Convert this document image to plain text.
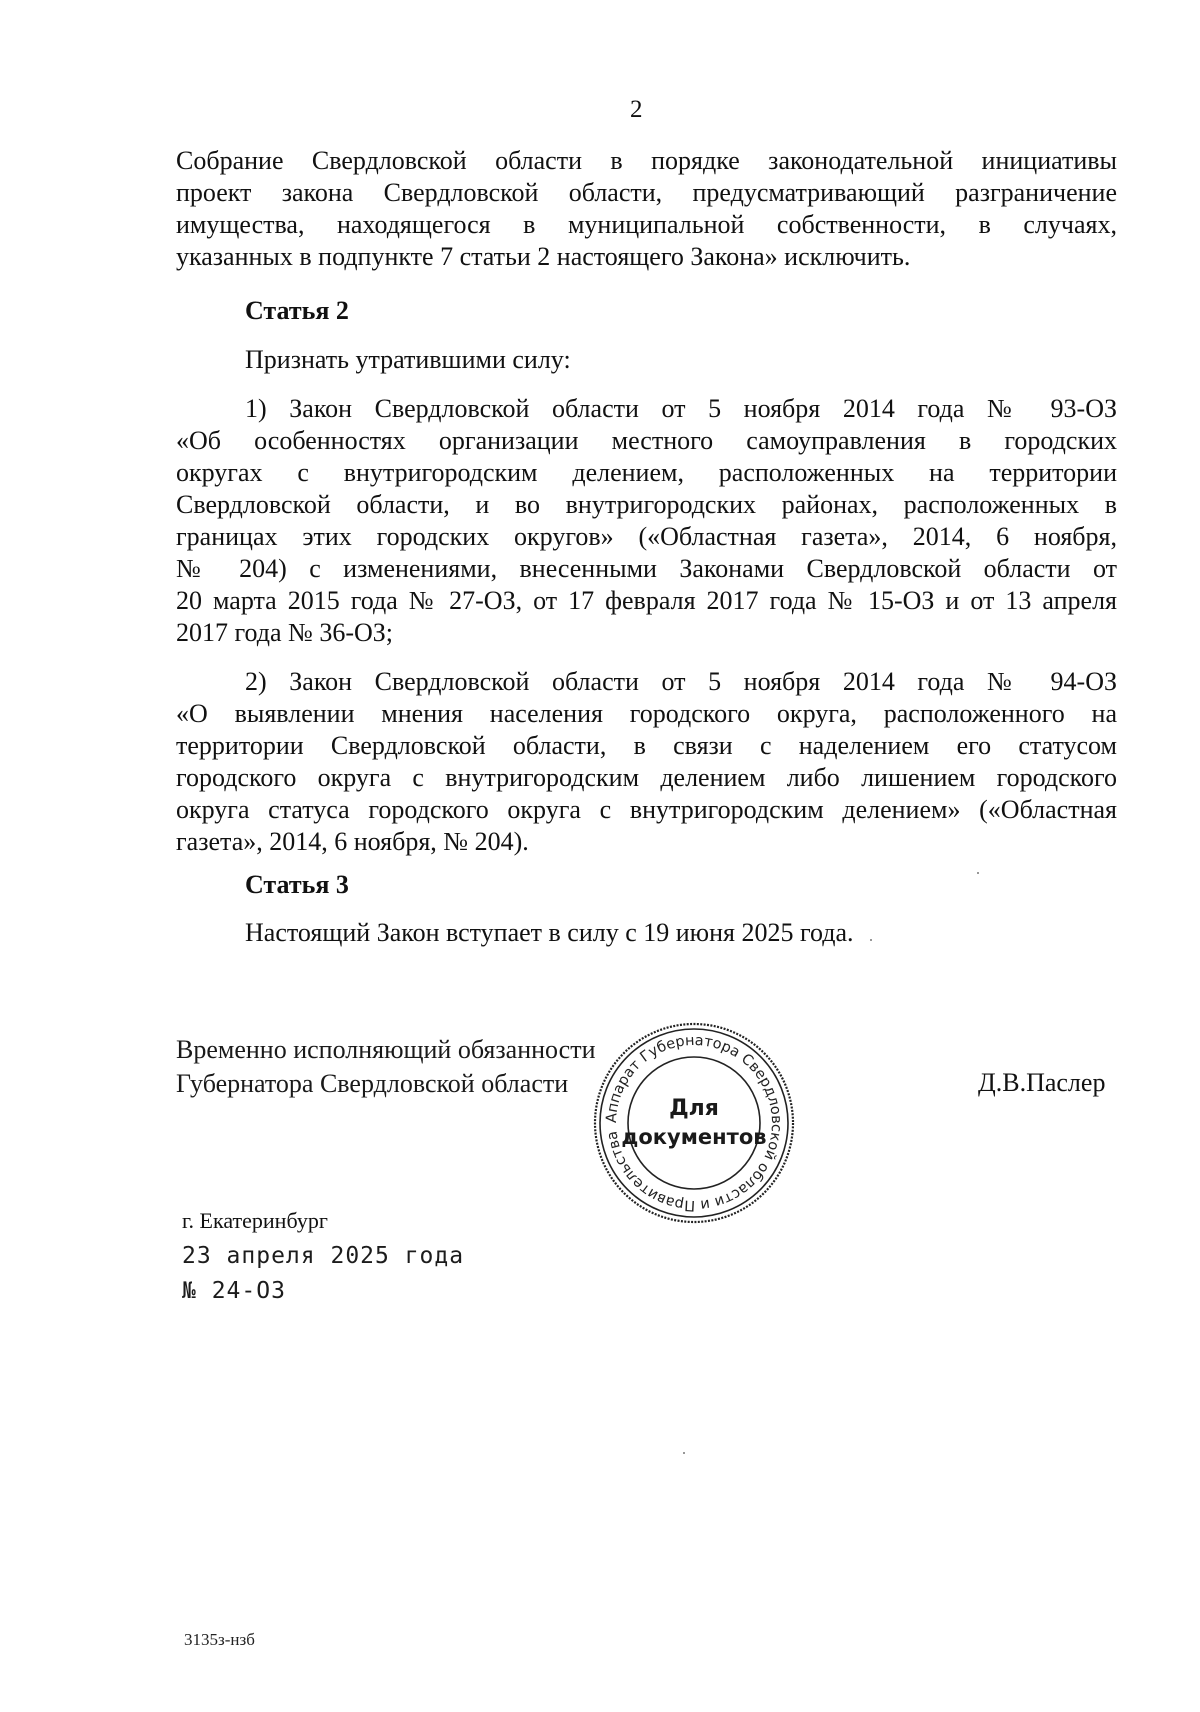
2
Собрание Свердловской области в порядке законодательной инициативы
проект закона Свердловской области, предусматривающий разграничение
имущества, находящегося в муниципальной собственности, в случаях,
указанных в подпункте 7 статьи 2 настоящего Закона» исключить.
Статья 2
Признать утратившими силу:
1) Закон Свердловской области от 5 ноября 2014 года № 93-ОЗ
«Об особенностях организации местного самоуправления в городских
округах с внутригородским делением, расположенных на территории
Свердловской области, и во внутригородских районах, расположенных в
границах этих городских округов» («Областная газета», 2014, 6 ноября,
№ 204) с изменениями, внесенными Законами Свердловской области от
20 марта 2015 года № 27-ОЗ, от 17 февраля 2017 года № 15-ОЗ и от 13 апреля
2017 года № 36-ОЗ;
2) Закон Свердловской области от 5 ноября 2014 года № 94-ОЗ
«О выявлении мнения населения городского округа, расположенного на
территории Свердловской области, в связи с наделением его статусом
городского округа с внутригородским делением либо лишением городского
округа статуса городского округа с внутригородским делением» («Областная
газета», 2014, 6 ноября, № 204).
Статья 3
Настоящий Закон вступает в силу с 19 июня 2025 года.
Временно исполняющий обязанности
Губернатора Свердловской области	Д.В.Паслер
Аппарат Губернатора Свердловской области и Правительства
Для
документов
г. Екатеринбург
23 апреля 2025 года
№ 24-ОЗ
3135з-нзб
